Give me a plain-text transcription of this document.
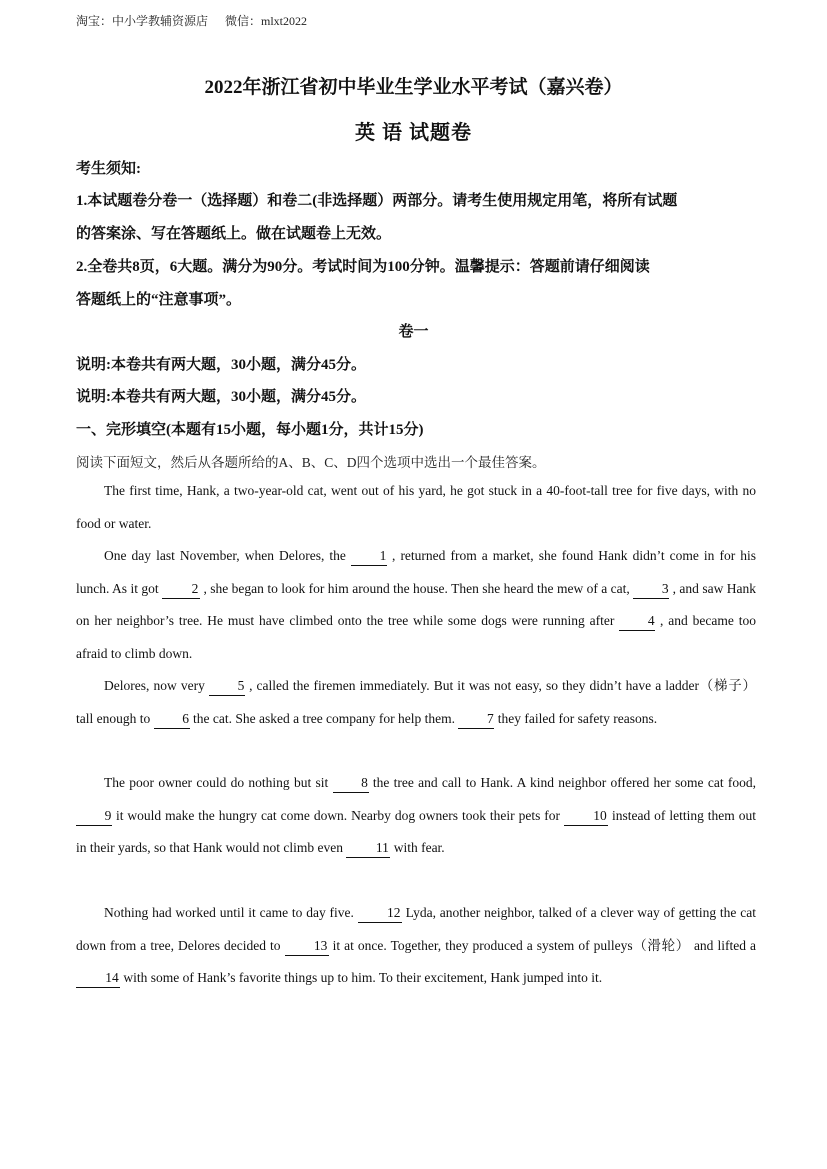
淘宝：中小学教辅资源店 微信：mlxt2022
2022年浙江省初中毕业生学业水平考试（嘉兴卷）
英 语 试题卷
考生须知:
1.本试题卷分卷一（选择题）和卷二(非选择题）两部分。请考生使用规定用笔，将所有试题
的答案涂、写在答题纸上。做在试题卷上无效。
2.全卷共8页，6大题。满分为90分。考试时间为100分钟。温馨提示：答题前请仔细阅读
答题纸上的“注意事项”。
卷一
说明:本卷共有两大题，30小题，满分45分。
说明:本卷共有两大题，30小题，满分45分。
一、完形填空(本题有15小题，每小题1分，共计15分)
阅读下面短文，然后从各题所给的A、B、C、D四个选项中选出一个最佳答案。
The first time, Hank, a two-year-old cat, went out of his yard, he got stuck in a 40-foot-tall tree for five days, with no food or water.
One day last November, when Delores, the 1 , returned from a market, she found Hank didn’t come in for his lunch. As it got 2 , she began to look for him around the house. Then she heard the mew of a cat, 3 , and saw Hank on her neighbor’s tree. He must have climbed onto the tree while some dogs were running after 4 , and became too afraid to climb down.
Delores, now very 5 , called the firemen immediately. But it was not easy, so they didn’t have a ladder（梯子） tall enough to 6 the cat. She asked a tree company for help them. 7 they failed for safety reasons.
The poor owner could do nothing but sit 8 the tree and call to Hank. A kind neighbor offered her some cat food, 9 it would make the hungry cat come down. Nearby dog owners took their pets for 10 instead of letting them out in their yards, so that Hank would not climb even 11 with fear.
Nothing had worked until it came to day five. 12 Lyda, another neighbor, talked of a clever way of getting the cat down from a tree, Delores decided to 13 it at once. Together, they produced a system of pulleys（滑轮） and lifted a 14 with some of Hank’s favorite things up to him. To their excitement, Hank jumped into it.
